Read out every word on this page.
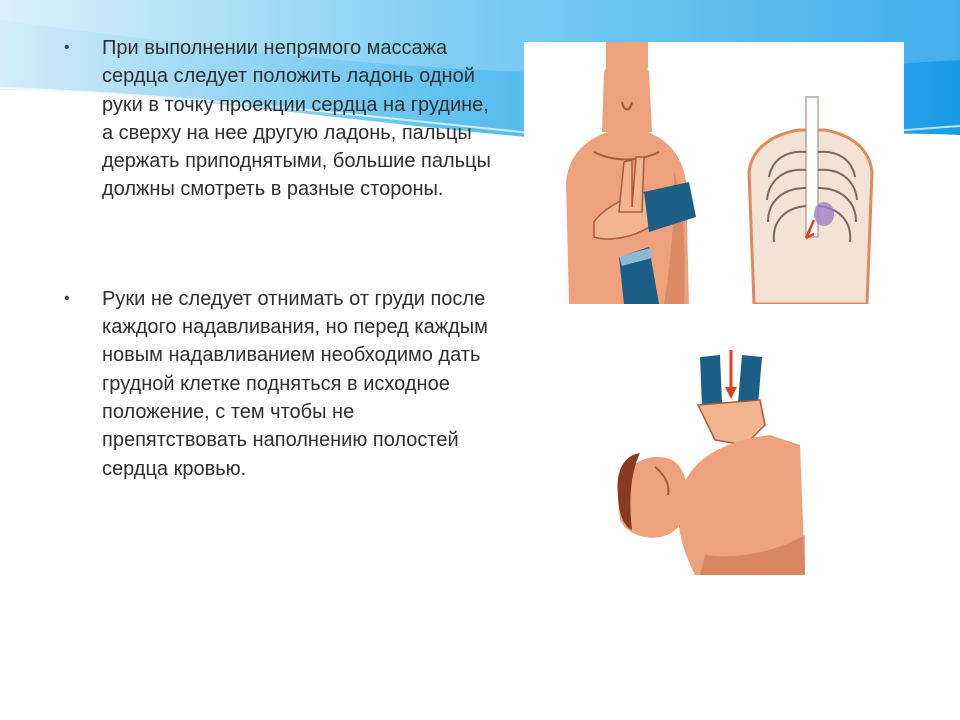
• При выполнении непрямого массажа сердца следует положить ладонь одной руки в точку проекции сердца на грудине, а сверху на нее другую ладонь, пальцы держать приподнятыми, большие пальцы должны смотреть в разные стороны.
• Руки не следует отнимать от груди после каждого надавливания, но перед каждым новым надавливанием необходимо дать грудной клетке подняться в исходное положение, с тем чтобы не препятствовать наполнению полостей сердца кровью.
